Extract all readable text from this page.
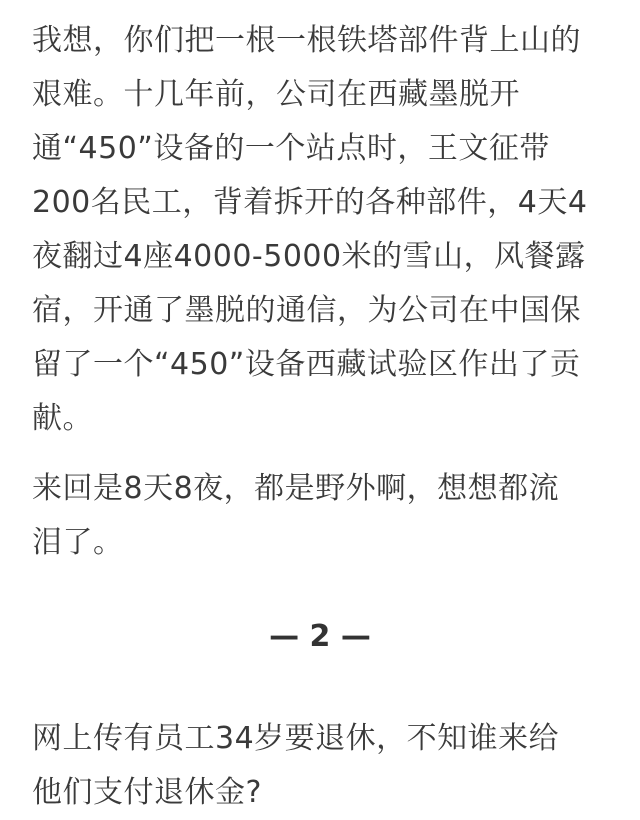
我想，你们把一根一根铁塔部件背上山的
艰难。十几年前，公司在西藏墨脱开
通“450”设备的一个站点时，王文征带
200名民工，背着拆开的各种部件，4天4
夜翻过4座4000-5000米的雪山，风餐露
宿，开通了墨脱的通信，为公司在中国保
留了一个“450”设备西藏试验区作出了贡
献。
来回是8天8夜，都是野外啊，想想都流
泪了。
— 2 —
网上传有员工34岁要退休，不知谁来给
他们支付退休金?
